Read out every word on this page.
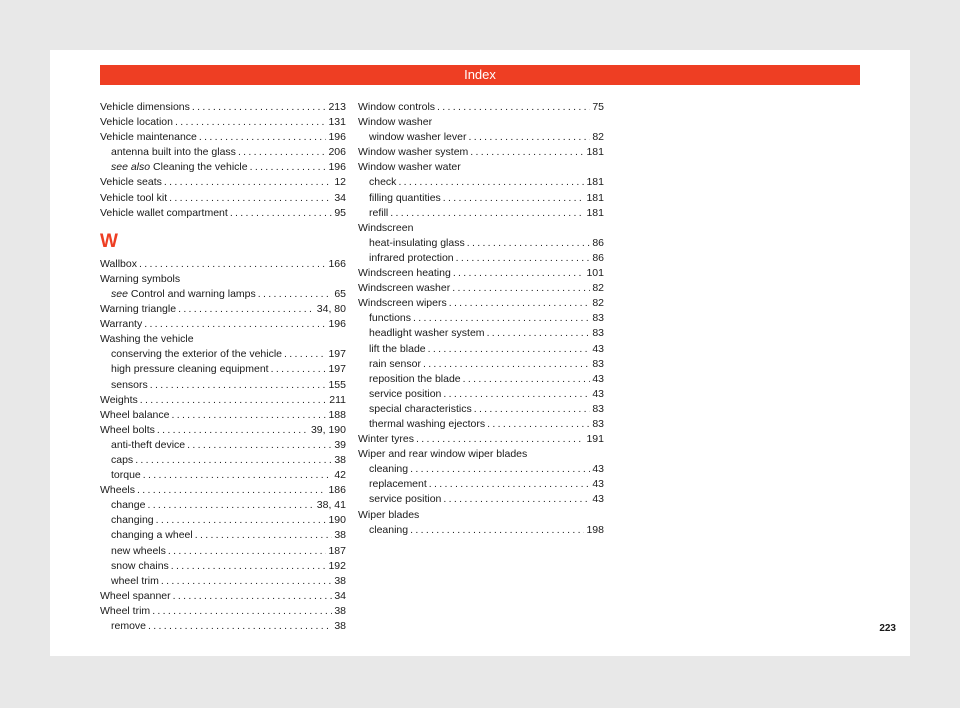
Index
Vehicle dimensions . . .	213
Vehicle location . . .	131
Vehicle maintenance . . .	196
antenna built into the glass . . .	206
see also Cleaning the vehicle . . .	196
Vehicle seats . . .	12
Vehicle tool kit . . .	34
Vehicle wallet compartment . . .	95
W
Wallbox . . .	166
Warning symbols
see Control and warning lamps . . .	65
Warning triangle . . .	34, 80
Warranty . . .	196
Washing the vehicle
conserving the exterior of the vehicle . . .	197
high pressure cleaning equipment . . .	197
sensors . . .	155
Weights . . .	211
Wheel balance . . .	188
Wheel bolts . . .	39, 190
anti-theft device . . .	39
caps . . .	38
torque . . .	42
Wheels . . .	186
change . . .	38, 41
changing . . .	190
changing a wheel . . .	38
new wheels . . .	187
snow chains . . .	192
wheel trim . . .	38
Wheel spanner . . .	34
Wheel trim . . .	38
remove . . .	38
Window controls . . .	75
Window washer
window washer lever . . .	82
Window washer system . . .	181
Window washer water
check . . .	181
filling quantities . . .	181
refill . . .	181
Windscreen
heat-insulating glass . . .	86
infrared protection . . .	86
Windscreen heating . . .	101
Windscreen washer . . .	82
Windscreen wipers . . .	82
functions . . .	83
headlight washer system . . .	83
lift the blade . . .	43
rain sensor . . .	83
reposition the blade . . .	43
service position . . .	43
special characteristics . . .	83
thermal washing ejectors . . .	83
Winter tyres . . .	191
Wiper and rear window wiper blades
cleaning . . .	43
replacement . . .	43
service position . . .	43
Wiper blades
cleaning . . .	198
223
